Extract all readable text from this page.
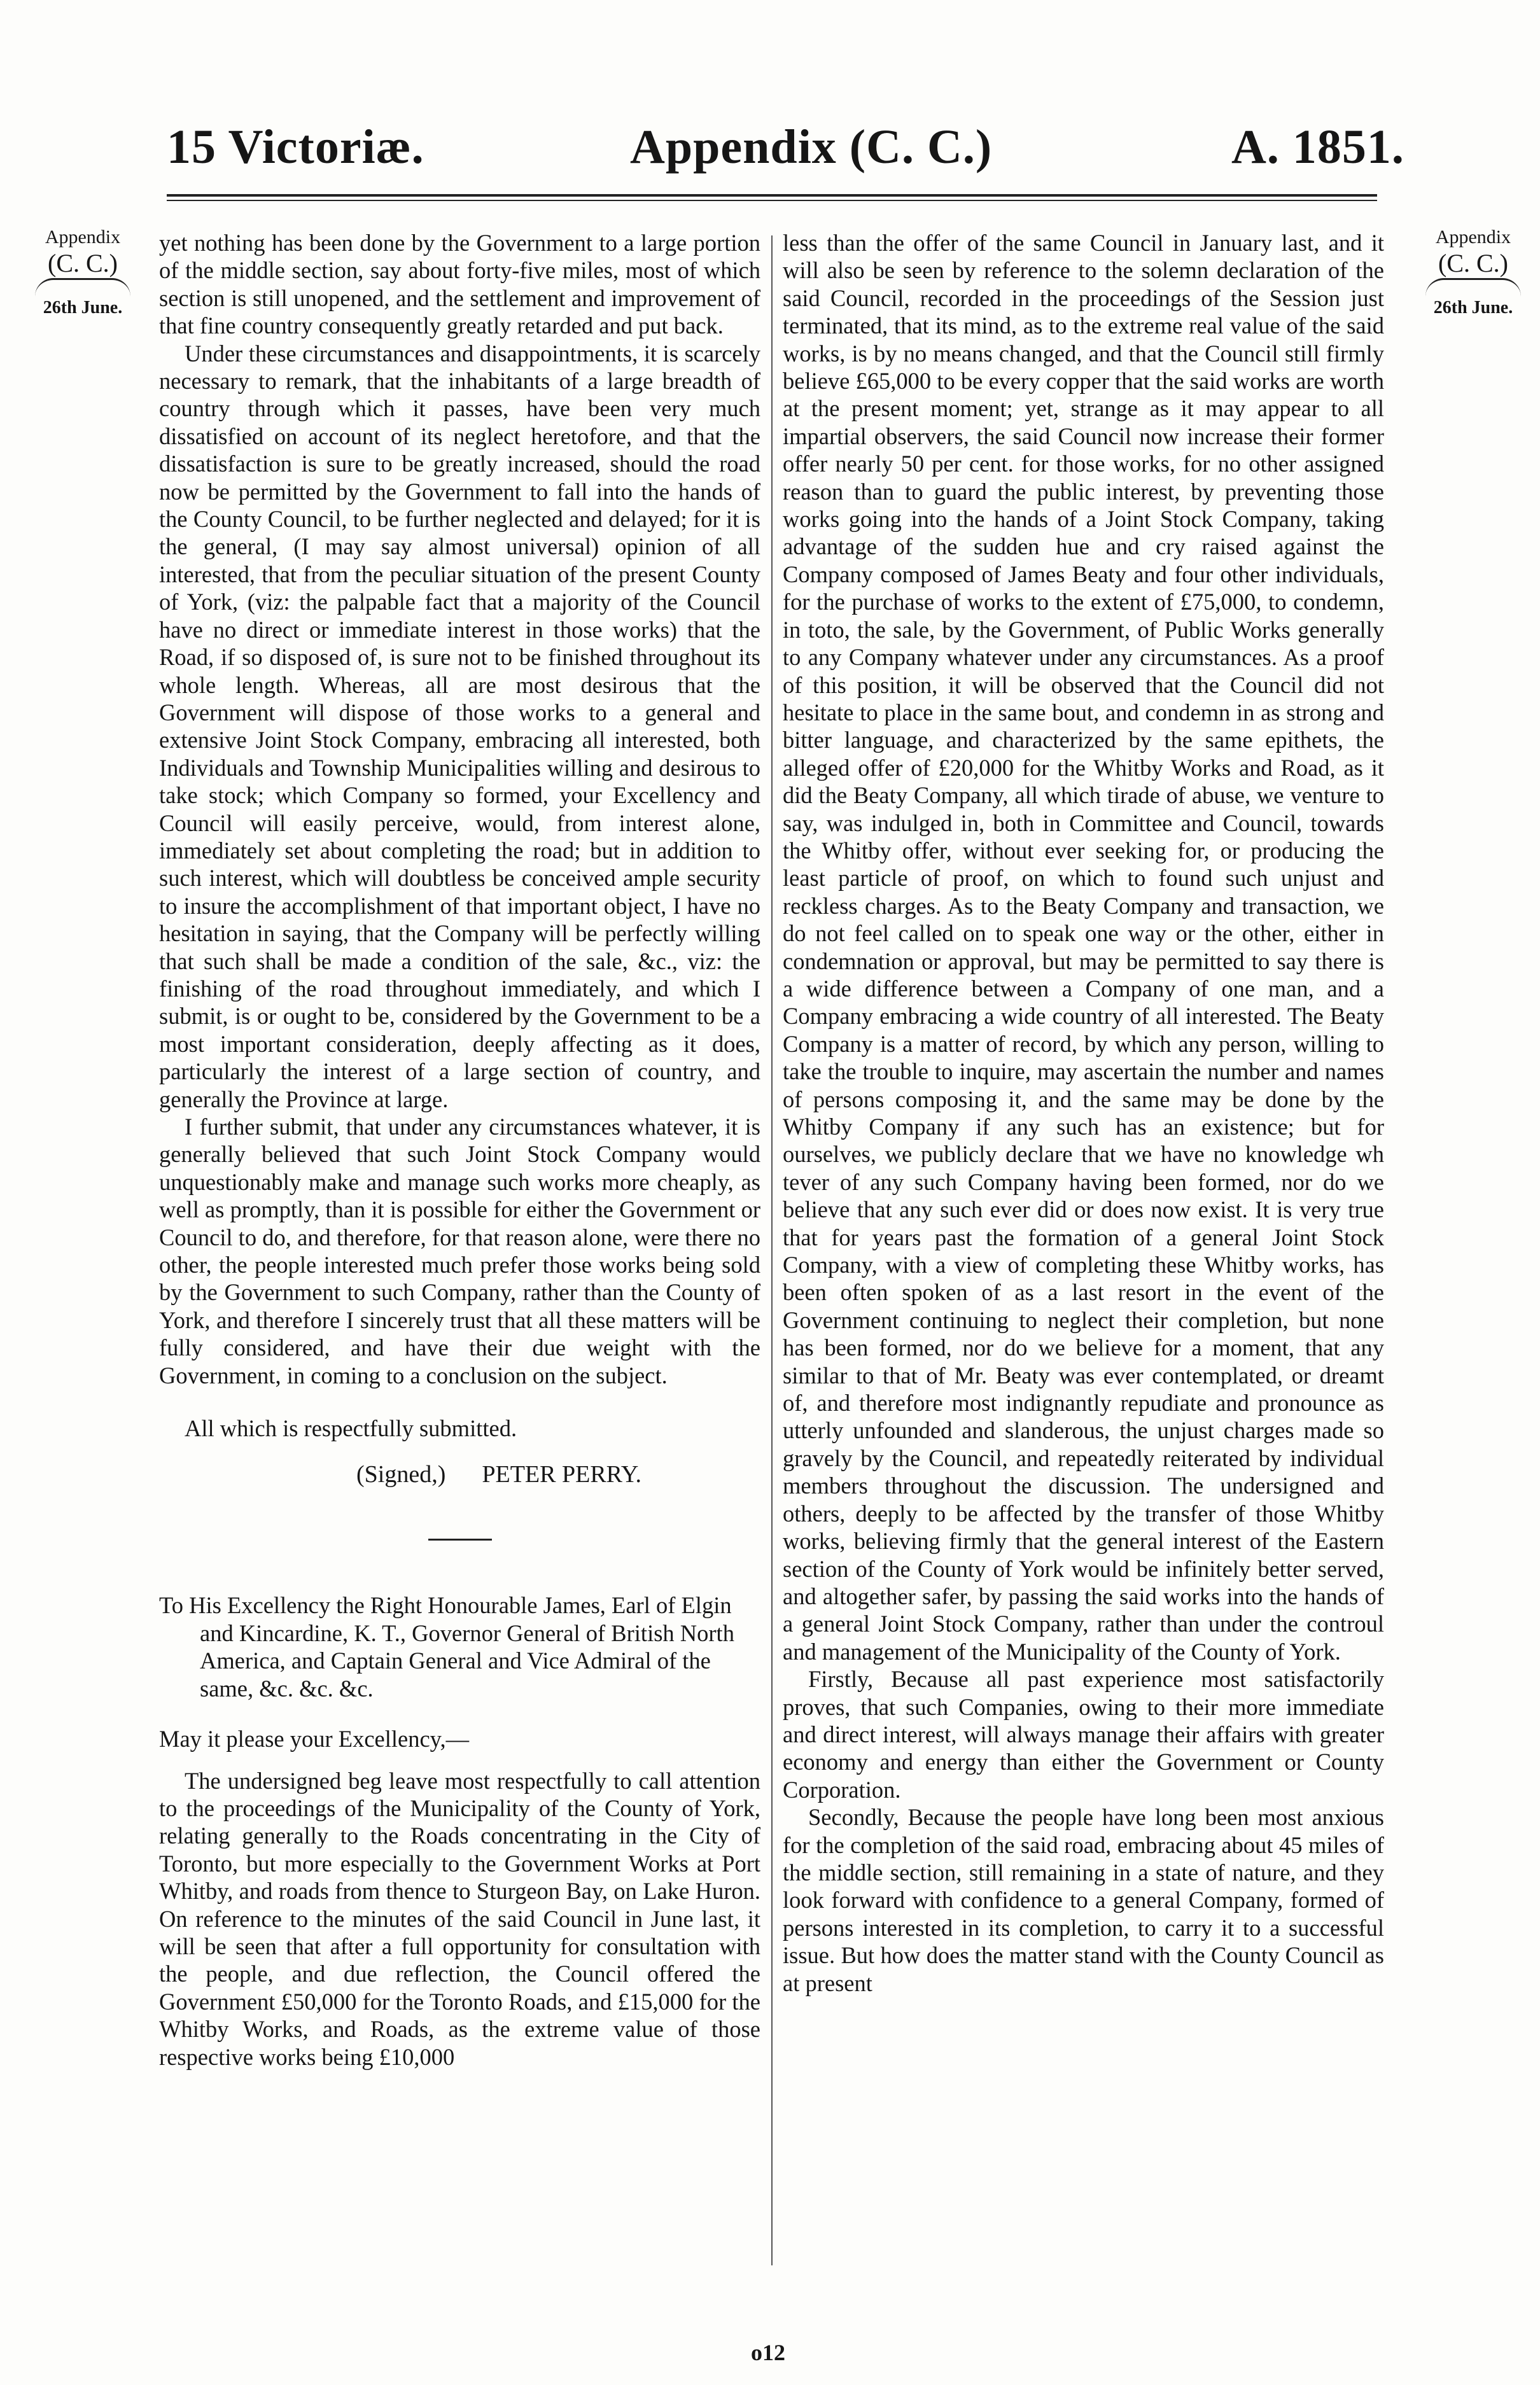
15 Victoriæ.	Appendix (C. C.)	A. 1851.
Appendix
(C. C.)
26th June.
Appendix
(C. C.)
26th June.

yet nothing has been done by the Government to a large portion of the middle section, say about forty-five miles, most of which section is still unopened, and the settlement and improvement of that fine country consequently greatly retarded and put back.

Under these circumstances and disappointments, it is scarcely necessary to remark, that the inhabitants of a large breadth of country through which it passes, have been very much dissatisfied on account of its neglect heretofore, and that the dissatisfaction is sure to be greatly increased, should the road now be permitted by the Government to fall into the hands of the County Council, to be further neglected and delayed; for it is the general, (I may say almost universal) opinion of all interested, that from the peculiar situation of the present County of York, (viz: the palpable fact that a majority of the Council have no direct or immediate interest in those works) that the Road, if so disposed of, is sure not to be finished throughout its whole length. Whereas, all are most desirous that the Government will dispose of those works to a general and extensive Joint Stock Company, embracing all interested, both Individuals and Township Municipalities willing and desirous to take stock; which Company so formed, your Excellency and Council will easily perceive, would, from interest alone, immediately set about completing the road; but in addition to such interest, which will doubtless be conceived ample security to insure the accomplishment of that important object, I have no hesitation in saying, that the Company will be perfectly willing that such shall be made a condition of the sale, &c., viz: the finishing of the road throughout immediately, and which I submit, is or ought to be, considered by the Government to be a most important consideration, deeply affecting as it does, particularly the interest of a large section of country, and generally the Province at large.

I further submit, that under any circumstances whatever, it is generally believed that such Joint Stock Company would unquestionably make and manage such works more cheaply, as well as promptly, than it is possible for either the Government or Council to do, and therefore, for that reason alone, were there no other, the people interested much prefer those works being sold by the Government to such Company, rather than the County of York, and therefore I sincerely trust that all these matters will be fully considered, and have their due weight with the Government, in coming to a conclusion on the subject.

All which is respectfully submitted.

(Signed,) PETER PERRY.

To His Excellency the Right Honourable James, Earl of Elgin and Kincardine, K. T., Governor General of British North America, and Captain General and Vice Admiral of the same, &c. &c. &c.

May it please your Excellency,—

The undersigned beg leave most respectfully to call attention to the proceedings of the Municipality of the County of York, relating generally to the Roads concentrating in the City of Toronto, but more especially to the Government Works at Port Whitby, and roads from thence to Sturgeon Bay, on Lake Huron. On reference to the minutes of the said Council in June last, it will be seen that after a full opportunity for consultation with the people, and due reflection, the Council offered the Government £50,000 for the Toronto Roads, and £15,000 for the Whitby Works, and Roads, as the extreme value of those respective works being £10,000

less than the offer of the same Council in January last, and it will also be seen by reference to the solemn declaration of the said Council, recorded in the proceedings of the Session just terminated, that its mind, as to the extreme real value of the said works, is by no means changed, and that the Council still firmly believe £65,000 to be every copper that the said works are worth at the present moment; yet, strange as it may appear to all impartial observers, the said Council now increase their former offer nearly 50 per cent. for those works, for no other assigned reason than to guard the public interest, by preventing those works going into the hands of a Joint Stock Company, taking advantage of the sudden hue and cry raised against the Company composed of James Beaty and four other individuals, for the purchase of works to the extent of £75,000, to condemn, in toto, the sale, by the Government, of Public Works generally to any Company whatever under any circumstances. As a proof of this position, it will be observed that the Council did not hesitate to place in the same bout, and condemn in as strong and bitter language, and characterized by the same epithets, the alleged offer of £20,000 for the Whitby Works and Road, as it did the Beaty Company, all which tirade of abuse, we venture to say, was indulged in, both in Committee and Council, towards the Whitby offer, without ever seeking for, or producing the least particle of proof, on which to found such unjust and reckless charges. As to the Beaty Company and transaction, we do not feel called on to speak one way or the other, either in condemnation or approval, but may be permitted to say there is a wide difference between a Company of one man, and a Company embracing a wide country of all interested. The Beaty Company is a matter of record, by which any person, willing to take the trouble to inquire, may ascertain the number and names of persons composing it, and the same may be done by the Whitby Company if any such has an existence; but for ourselves, we publicly declare that we have no knowledge wh tever of any such Company having been formed, nor do we believe that any such ever did or does now exist. It is very true that for years past the formation of a general Joint Stock Company, with a view of completing these Whitby works, has been often spoken of as a last resort in the event of the Government continuing to neglect their completion, but none has been formed, nor do we believe for a moment, that any similar to that of Mr. Beaty was ever contemplated, or dreamt of, and therefore most indignantly repudiate and pronounce as utterly unfounded and slanderous, the unjust charges made so gravely by the Council, and repeatedly reiterated by individual members throughout the discussion. The undersigned and others, deeply to be affected by the transfer of those Whitby works, believing firmly that the general interest of the Eastern section of the County of York would be infinitely better served, and altogether safer, by passing the said works into the hands of a general Joint Stock Company, rather than under the controul and management of the Municipality of the County of York.

Firstly, Because all past experience most satisfactorily proves, that such Companies, owing to their more immediate and direct interest, will always manage their affairs with greater economy and energy than either the Government or County Corporation.

Secondly, Because the people have long been most anxious for the completion of the said road, embracing about 45 miles of the middle section, still remaining in a state of nature, and they look forward with confidence to a general Company, formed of persons interested in its completion, to carry it to a successful issue. But how does the matter stand with the County Council as at present

o12
